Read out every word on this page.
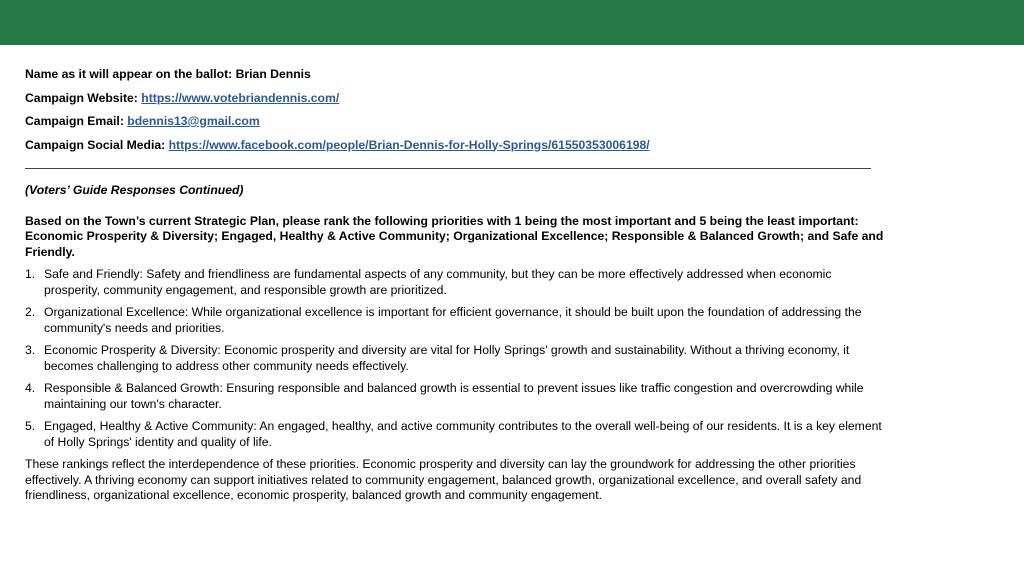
Name as it will appear on the ballot: Brian Dennis

Campaign Website: https://www.votebriandennis.com/

Campaign Email: bdennis13@gmail.com

Campaign Social Media: https://www.facebook.com/people/Brian-Dennis-for-Holly-Springs/61550353006198/

(Voters’ Guide Responses Continued)

Based on the Town’s current Strategic Plan, please rank the following priorities with 1 being the most important and 5 being the least important: Economic Prosperity & Diversity; Engaged, Healthy & Active Community; Organizational Excellence; Responsible & Balanced Growth; and Safe and Friendly.

1. Safe and Friendly: Safety and friendliness are fundamental aspects of any community, but they can be more effectively addressed when economic prosperity, community engagement, and responsible growth are prioritized.
2. Organizational Excellence: While organizational excellence is important for efficient governance, it should be built upon the foundation of addressing the community's needs and priorities.
3. Economic Prosperity & Diversity: Economic prosperity and diversity are vital for Holly Springs' growth and sustainability. Without a thriving economy, it becomes challenging to address other community needs effectively.
4. Responsible & Balanced Growth: Ensuring responsible and balanced growth is essential to prevent issues like traffic congestion and overcrowding while maintaining our town's character.
5. Engaged, Healthy & Active Community: An engaged, healthy, and active community contributes to the overall well-being of our residents. It is a key element of Holly Springs' identity and quality of life.

These rankings reflect the interdependence of these priorities. Economic prosperity and diversity can lay the groundwork for addressing the other priorities effectively. A thriving economy can support initiatives related to community engagement, balanced growth, organizational excellence, and overall safety and friendliness, organizational excellence, economic prosperity, balanced growth and community engagement.
